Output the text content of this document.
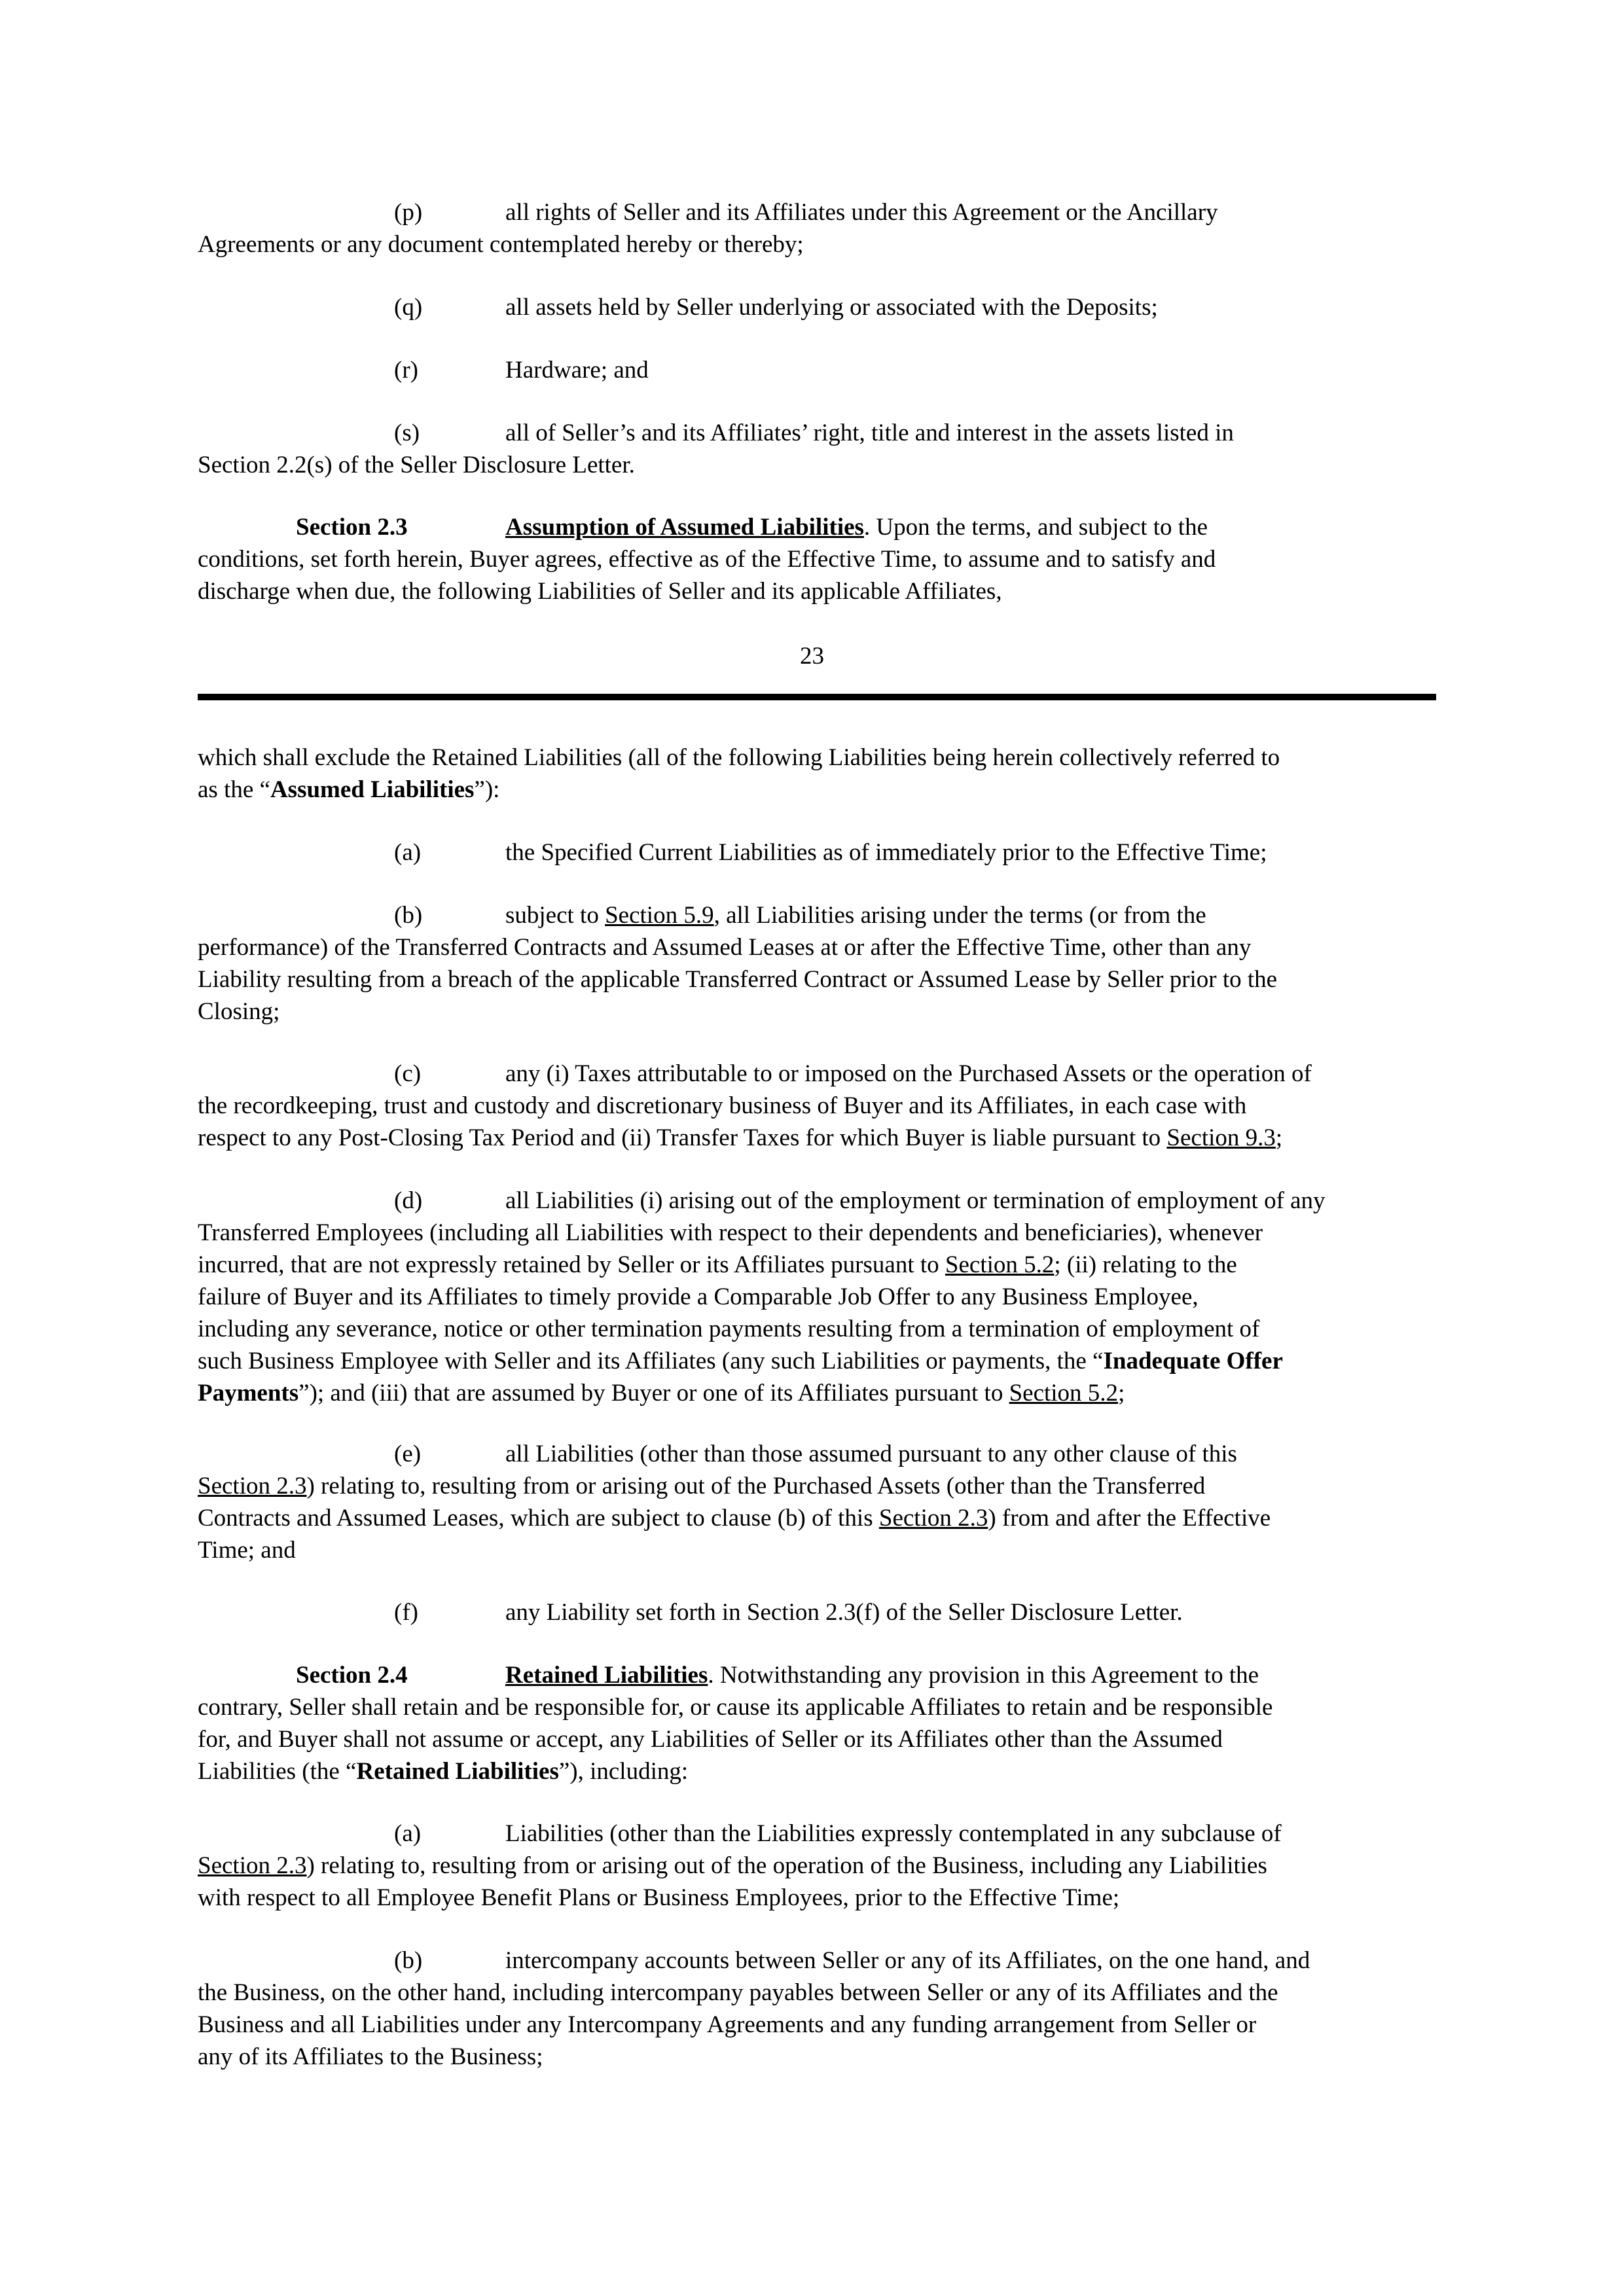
(p)	all rights of Seller and its Affiliates under this Agreement or the Ancillary
Agreements or any document contemplated hereby or thereby;

(q)	all assets held by Seller underlying or associated with the Deposits;

(r)	Hardware; and

(s)	all of Seller’s and its Affiliates’ right, title and interest in the assets listed in
Section 2.2(s) of the Seller Disclosure Letter.

Section 2.3	Assumption of Assumed Liabilities. Upon the terms, and subject to the
conditions, set forth herein, Buyer agrees, effective as of the Effective Time, to assume and to satisfy and
discharge when due, the following Liabilities of Seller and its applicable Affiliates,

23

which shall exclude the Retained Liabilities (all of the following Liabilities being herein collectively referred to
as the “Assumed Liabilities”):

(a)	the Specified Current Liabilities as of immediately prior to the Effective Time;

(b)	subject to Section 5.9, all Liabilities arising under the terms (or from the
performance) of the Transferred Contracts and Assumed Leases at or after the Effective Time, other than any
Liability resulting from a breach of the applicable Transferred Contract or Assumed Lease by Seller prior to the
Closing;

(c)	any (i) Taxes attributable to or imposed on the Purchased Assets or the operation of
the recordkeeping, trust and custody and discretionary business of Buyer and its Affiliates, in each case with
respect to any Post-Closing Tax Period and (ii) Transfer Taxes for which Buyer is liable pursuant to Section 9.3;

(d)	all Liabilities (i) arising out of the employment or termination of employment of any
Transferred Employees (including all Liabilities with respect to their dependents and beneficiaries), whenever
incurred, that are not expressly retained by Seller or its Affiliates pursuant to Section 5.2; (ii) relating to the
failure of Buyer and its Affiliates to timely provide a Comparable Job Offer to any Business Employee,
including any severance, notice or other termination payments resulting from a termination of employment of
such Business Employee with Seller and its Affiliates (any such Liabilities or payments, the “Inadequate Offer
Payments”); and (iii) that are assumed by Buyer or one of its Affiliates pursuant to Section 5.2;

(e)	all Liabilities (other than those assumed pursuant to any other clause of this
Section 2.3) relating to, resulting from or arising out of the Purchased Assets (other than the Transferred
Contracts and Assumed Leases, which are subject to clause (b) of this Section 2.3) from and after the Effective
Time; and

(f)	any Liability set forth in Section 2.3(f) of the Seller Disclosure Letter.

Section 2.4	Retained Liabilities. Notwithstanding any provision in this Agreement to the
contrary, Seller shall retain and be responsible for, or cause its applicable Affiliates to retain and be responsible
for, and Buyer shall not assume or accept, any Liabilities of Seller or its Affiliates other than the Assumed
Liabilities (the “Retained Liabilities”), including:

(a)	Liabilities (other than the Liabilities expressly contemplated in any subclause of
Section 2.3) relating to, resulting from or arising out of the operation of the Business, including any Liabilities
with respect to all Employee Benefit Plans or Business Employees, prior to the Effective Time;

(b)	intercompany accounts between Seller or any of its Affiliates, on the one hand, and
the Business, on the other hand, including intercompany payables between Seller or any of its Affiliates and the
Business and all Liabilities under any Intercompany Agreements and any funding arrangement from Seller or
any of its Affiliates to the Business;
